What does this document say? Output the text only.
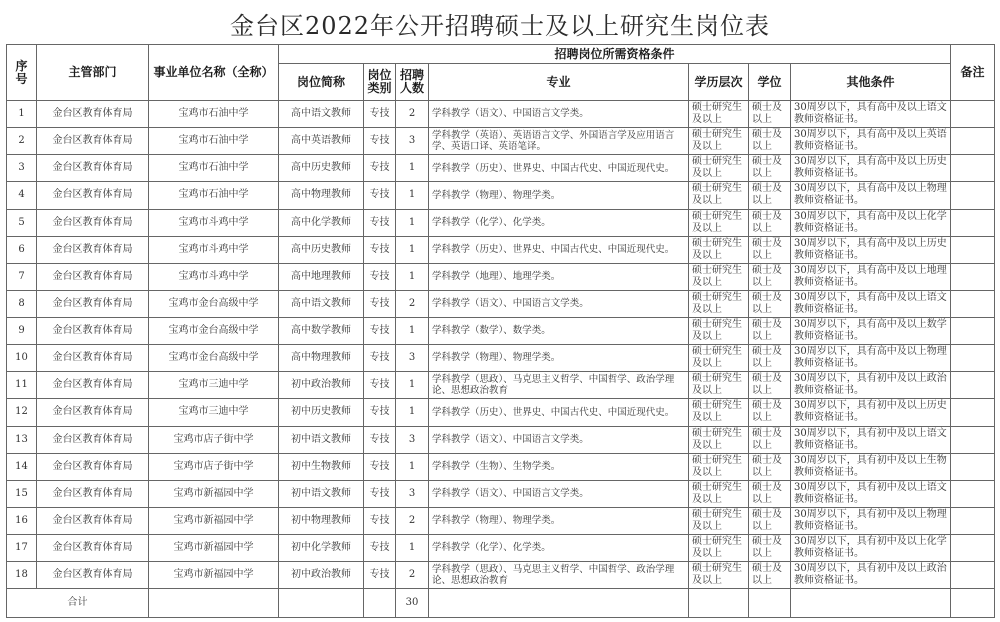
金台区2022年公开招聘硕士及以上研究生岗位表
序号	主管部门	事业单位名称（全称）	招聘岗位所需资格条件							备注
			岗位简称	岗位类别	招聘人数	专业	学历层次	学位	其他条件	
1	金台区教育体育局	宝鸡市石油中学	高中语文教师	专技	2	学科教学（语文）、中国语言文学类。	硕士研究生及以上	硕士及以上	30周岁以下，具有高中及以上语文教师资格证书。	
2	金台区教育体育局	宝鸡市石油中学	高中英语教师	专技	3	学科教学（英语）、英语语言文学、外国语言学及应用语言学、英语口译、英语笔译。	硕士研究生及以上	硕士及以上	30周岁以下，具有高中及以上英语教师资格证书。	
3	金台区教育体育局	宝鸡市石油中学	高中历史教师	专技	1	学科教学（历史）、世界史、中国古代史、中国近现代史。	硕士研究生及以上	硕士及以上	30周岁以下，具有高中及以上历史教师资格证书。	
4	金台区教育体育局	宝鸡市石油中学	高中物理教师	专技	1	学科教学（物理）、物理学类。	硕士研究生及以上	硕士及以上	30周岁以下，具有高中及以上物理教师资格证书。	
5	金台区教育体育局	宝鸡市斗鸡中学	高中化学教师	专技	1	学科教学（化学）、化学类。	硕士研究生及以上	硕士及以上	30周岁以下，具有高中及以上化学教师资格证书。	
6	金台区教育体育局	宝鸡市斗鸡中学	高中历史教师	专技	1	学科教学（历史）、世界史、中国古代史、中国近现代史。	硕士研究生及以上	硕士及以上	30周岁以下，具有高中及以上历史教师资格证书。	
7	金台区教育体育局	宝鸡市斗鸡中学	高中地理教师	专技	1	学科教学（地理）、地理学类。	硕士研究生及以上	硕士及以上	30周岁以下，具有高中及以上地理教师资格证书。	
8	金台区教育体育局	宝鸡市金台高级中学	高中语文教师	专技	2	学科教学（语文）、中国语言文学类。	硕士研究生及以上	硕士及以上	30周岁以下，具有高中及以上语文教师资格证书。	
9	金台区教育体育局	宝鸡市金台高级中学	高中数学教师	专技	1	学科教学（数学）、数学类。	硕士研究生及以上	硕士及以上	30周岁以下，具有高中及以上数学教师资格证书。	
10	金台区教育体育局	宝鸡市金台高级中学	高中物理教师	专技	3	学科教学（物理）、物理学类。	硕士研究生及以上	硕士及以上	30周岁以下，具有高中及以上物理教师资格证书。	
11	金台区教育体育局	宝鸡市三迪中学	初中政治教师	专技	1	学科教学（思政）、马克思主义哲学、中国哲学、政治学理论、思想政治教育	硕士研究生及以上	硕士及以上	30周岁以下，具有初中及以上政治教师资格证书。	
12	金台区教育体育局	宝鸡市三迪中学	初中历史教师	专技	1	学科教学（历史）、世界史、中国古代史、中国近现代史。	硕士研究生及以上	硕士及以上	30周岁以下，具有初中及以上历史教师资格证书。	
13	金台区教育体育局	宝鸡市店子街中学	初中语文教师	专技	3	学科教学（语文）、中国语言文学类。	硕士研究生及以上	硕士及以上	30周岁以下，具有初中及以上语文教师资格证书。	
14	金台区教育体育局	宝鸡市店子街中学	初中生物教师	专技	1	学科教学（生物）、生物学类。	硕士研究生及以上	硕士及以上	30周岁以下，具有初中及以上生物教师资格证书。	
15	金台区教育体育局	宝鸡市新福园中学	初中语文教师	专技	3	学科教学（语文）、中国语言文学类。	硕士研究生及以上	硕士及以上	30周岁以下，具有初中及以上语文教师资格证书。	
16	金台区教育体育局	宝鸡市新福园中学	初中物理教师	专技	2	学科教学（物理）、物理学类。	硕士研究生及以上	硕士及以上	30周岁以下，具有初中及以上物理教师资格证书。	
17	金台区教育体育局	宝鸡市新福园中学	初中化学教师	专技	1	学科教学（化学）、化学类。	硕士研究生及以上	硕士及以上	30周岁以下，具有初中及以上化学教师资格证书。	
18	金台区教育体育局	宝鸡市新福园中学	初中政治教师	专技	2	学科教学（思政）、马克思主义哲学、中国哲学、政治学理论、思想政治教育	硕士研究生及以上	硕士及以上	30周岁以下，具有初中及以上政治教师资格证书。	
合计					30					
